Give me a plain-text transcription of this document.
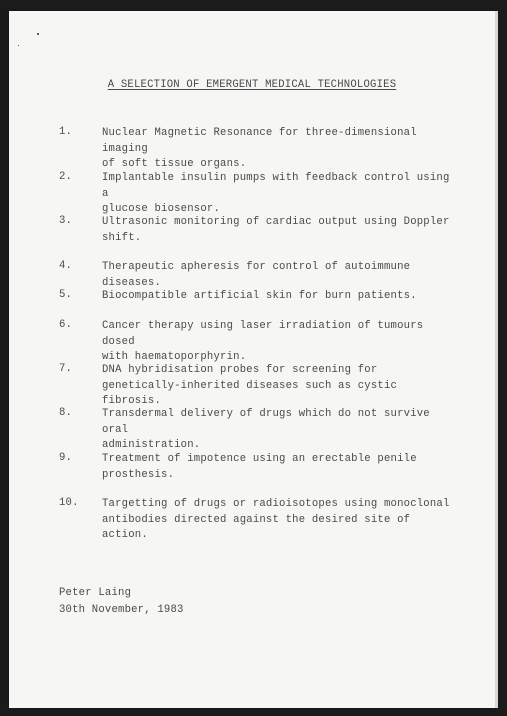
A SELECTION OF EMERGENT MEDICAL TECHNOLOGIES
1.	Nuclear Magnetic Resonance for three-dimensional imaging
of soft tissue organs.
2.	Implantable insulin pumps with feedback control using a
glucose biosensor.
3.	Ultrasonic monitoring of cardiac output using Doppler
shift.
4.	Therapeutic apheresis for control of autoimmune diseases.
5.	Biocompatible artificial skin for burn patients.
6.	Cancer therapy using laser irradiation of tumours dosed
with haematoporphyrin.
7.	DNA hybridisation probes for screening for
genetically-inherited diseases such as cystic fibrosis.
8.	Transdermal delivery of drugs which do not survive oral
administration.
9.	Treatment of impotence using an erectable penile
prosthesis.
10.	Targetting of drugs or radioisotopes using monoclonal
antibodies directed against the desired site of action.
Peter Laing
30th November, 1983
